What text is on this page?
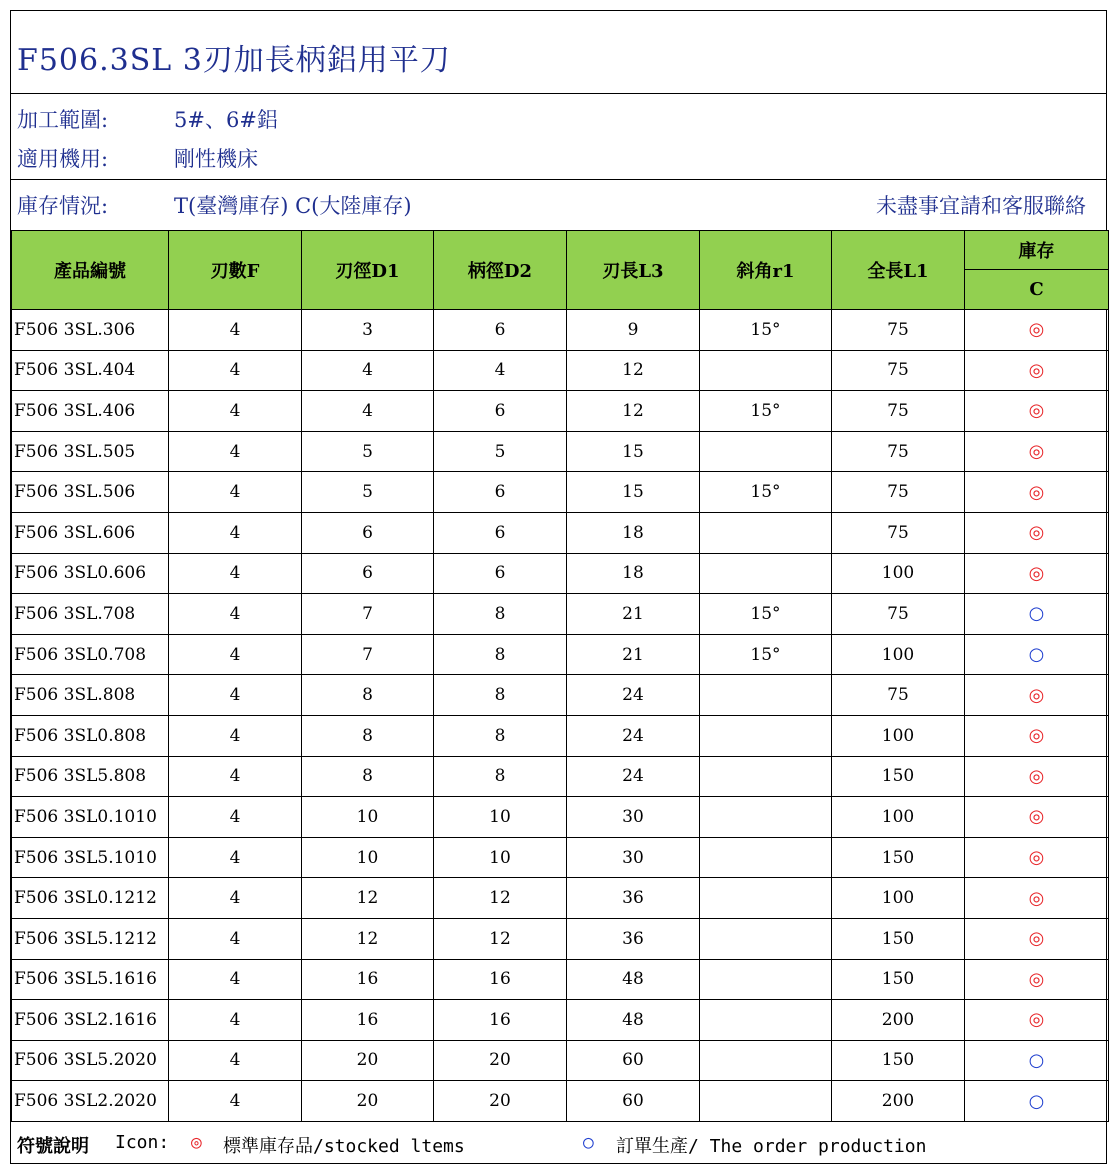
F506.3SL 3刃加長柄鋁用平刀
加工範圍:	5#、6#鋁
適用機用:	剛性機床
庫存情況:	T(臺灣庫存) C(大陸庫存)	未盡事宜請和客服聯絡
產品編號	刃數F	刃徑D1	柄徑D2	刃長L3	斜角r1	全長L1	庫存
							C
F506 3SL.306	4	3	6	9	15°	75	◎
F506 3SL.404	4	4	4	12		75	◎
F506 3SL.406	4	4	6	12	15°	75	◎
F506 3SL.505	4	5	5	15		75	◎
F506 3SL.506	4	5	6	15	15°	75	◎
F506 3SL.606	4	6	6	18		75	◎
F506 3SL0.606	4	6	6	18		100	◎
F506 3SL.708	4	7	8	21	15°	75	○
F506 3SL0.708	4	7	8	21	15°	100	○
F506 3SL.808	4	8	8	24		75	◎
F506 3SL0.808	4	8	8	24		100	◎
F506 3SL5.808	4	8	8	24		150	◎
F506 3SL0.1010	4	10	10	30		100	◎
F506 3SL5.1010	4	10	10	30		150	◎
F506 3SL0.1212	4	12	12	36		100	◎
F506 3SL5.1212	4	12	12	36		150	◎
F506 3SL5.1616	4	16	16	48		150	◎
F506 3SL2.1616	4	16	16	48		200	◎
F506 3SL5.2020	4	20	20	60		150	○
F506 3SL2.2020	4	20	20	60		200	○
符號說明 Icon: ◎ 標準庫存品/stocked ltems	○ 訂單生產/ The order production
